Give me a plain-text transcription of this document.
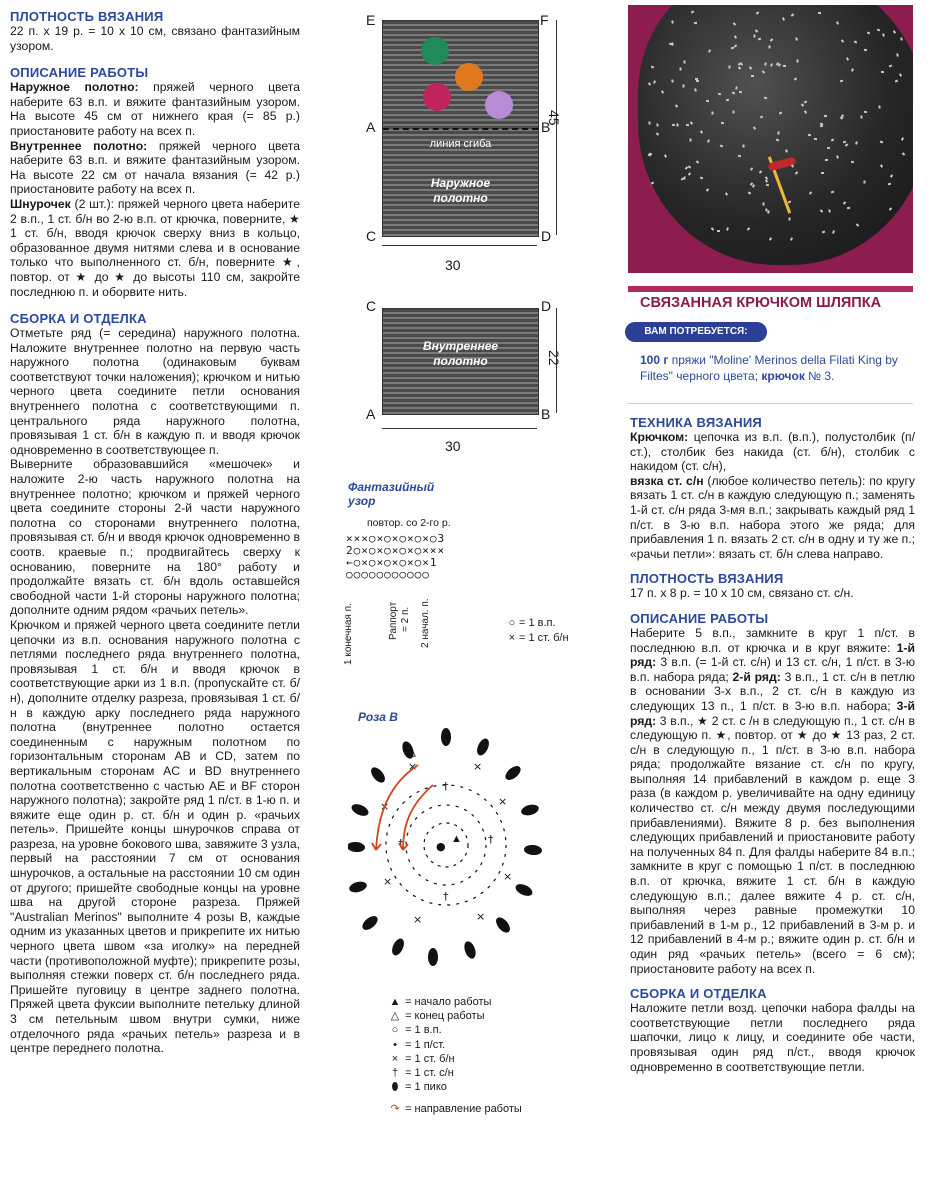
ПЛОТНОСТЬ ВЯЗАНИЯ

22 п. х 19 р. = 10 х 10 см, связано фантазийным узором.

ОПИСАНИЕ РАБОТЫ

Наружное полотно: пряжей черного цвета наберите 63 в.п. и вяжите фантазийным узором. На высоте 45 см от нижнего края (= 85 р.) приостановите работу на всех п.

Внутреннее полотно: пряжей черного цвета наберите 63 в.п. и вяжите фантазийным узором. На высоте 22 см от начала вязания (= 42 р.) приостановите работу на всех п.

Шнурочек (2 шт.): пряжей черного цвета наберите 2 в.п., 1 ст. б/н во 2-ю в.п. от крючка, поверните, ★ 1 ст. б/н, вводя крючок сверху вниз в кольцо, образованное двумя нитями слева и в основание только что выполненного ст. б/н, поверните ★, повтор. от ★ до ★ до высоты 110 см, закройте последнюю п. и оборвите нить.

СБОРКА И ОТДЕЛКА

Отметьте ряд (= середина) наружного полотна. Наложите внутреннее полотно на первую часть наружного полотна (одинаковым буквам соответствуют точки наложения); крючком и нитью черного цвета соедините петли основания внутреннего полотна с соответствующими п. центрального ряда наружного полотна, провязывая 1 ст. б/н в каждую п. и вводя крючок одновременно в соответствующее п.

Выверните образовавшийся «мешочек» и наложите 2-ю часть наружного полотна на внутреннее полотно; крючком и пряжей черного цвета соедините стороны 2-й части наружного полотна со сторонами внутреннего полотна, провязывая ст. б/н и вводя крючок одновременно в соотв. краевые п.; продвигайтесь сверху к основанию, поверните на 180° работу и продолжайте вязать ст. б/н вдоль оставшейся свободной части 1-й стороны наружного полотна; дополните одним рядом «рачьих петель».

Крючком и пряжей черного цвета соедините петли цепочки из в.п. основания наружного полотна с петлями последнего ряда внутреннего полотна, провязывая 1 ст. б/н и вводя крючок в соответствующие арки из 1 в.п. (пропускайте ст. б/н), дополните отделку разреза, провязывая 1 ст. б/н в каждую арку последнего ряда наружного полотна (внутреннее полотно остается соединенным с наружным полотном по горизонтальным сторонам AB и CD, затем по вертикальным сторонам AC и BD внутреннего полотна соответственно с частью AE и BF сторон наружного полотна); закройте ряд 1 п/ст. в 1-ю п. и вяжите еще один р. ст. б/н и один р. «рачьих петель». Пришейте концы шнурочков справа от разреза, на уровне бокового шва, завяжите 3 узла, первый на расстоянии 7 см от основания шнурочков, а остальные на расстоянии 10 см один от другого; пришейте свободные концы на уровне шва на другой стороне разреза. Пряжей "Australian Merinos" выполните 4 розы B, каждые одним из указанных цветов и прикрепите их нитью черного цвета швом «за иголку» на передней части (противоположной муфте); прикрепите розы, выполняя стежки поверх ст. б/н последнего ряда. Пришейте пуговицу в центре заднего полотна. Пряжей цвета фуксии выполните петельку длиной 3 см петельным швом внутри сумки, ниже отделочного ряда «рачьих петель» разреза и в центре переднего полотна.

линия сгиба
Наружное
полотно
E	F
A	B
C	D
45
30
Внутреннее
полотно
C	D
A	B
22
30
Фантазийный
узор
повтор. со 2-го р.
×××○×○×○×○×○3
2○×○×○×○×○×××
←○×○×○×○×○×1
○○○○○○○○○○○
1 конечная п.	Раппорт = 2 п. 2 начал. п.	○ = 1 в.п.
× = 1 ст. б/н
Роза B
×	×
×
×
×
×
×
×
†
†
†
†	●
△
▲
▲ = начало работы
△ = конец работы
○ = 1 в.п.
• = 1 п/ст.
× = 1 ст. б/н
† = 1 ст. с/н
⬮ = 1 пико
↷ = направление работы
СВЯЗАННАЯ КРЮЧКОМ ШЛЯПКА
ВАМ ПОТРЕБУЕТСЯ:
100 г пряжи "Moline' Merinos della Filati King by Filtes" черного цвета; крючок № 3.

ТЕХНИКА ВЯЗАНИЯ

Крючком: цепочка из в.п. (в.п.), полустолбик (п/ст.), столбик без накида (ст. б/н), столбик с накидом (ст. с/н),

вязка ст. с/н (любое количество петель): по кругу вязать 1 ст. с/н в каждую следующую п.; заменять 1-й ст. с/н ряда 3-мя в.п.; закрывать каждый ряд 1 п/ст. в 3-ю в.п. набора этого же ряда; для прибавления 1 п. вязать 2 ст. с/н в одну и ту же п.; «рачьи петли»: вязать ст. б/н слева направо.

ПЛОТНОСТЬ ВЯЗАНИЯ

17 п. х 8 р. = 10 х 10 см, связано ст. с/н.

ОПИСАНИЕ РАБОТЫ

Наберите 5 в.п., замкните в круг 1 п/ст. в последнюю в.п. от крючка и в круг вяжите: 1-й ряд: 3 в.п. (= 1-й ст. с/н) и 13 ст. с/н, 1 п/ст. в 3-ю в.п. набора ряда; 2-й ряд: 3 в.п., 1 ст. с/н в петлю в основании 3-х в.п., 2 ст. с/н в каждую из следующих 13 п., 1 п/ст. в 3-ю в.п. набора; 3-й ряд: 3 в.п., ★ 2 ст. с /н в следующую п., 1 ст. с/н в следующую п. ★, повтор. от ★ до ★ 13 раз, 2 ст. с/н в следующую п., 1 п/ст. в 3-ю в.п. набора ряда; продолжайте вязание ст. с/н по кругу, выполняя 14 прибавлений в каждом р. еще 3 раза (в каждом р. увеличивайте на одну единицу количество ст. с/н между двумя последующими прибавлениями). Вяжите 8 р. без выполнения следующих прибавлений и приостановите работу на полученных 84 п. Для фалды наберите 84 в.п.; замкните в круг с помощью 1 п/ст. в последнюю в.п. от крючка, вяжите 1 ст. б/н в каждую следующую в.п.; далее вяжите 4 р. ст. с/н, выполняя через равные промежутки 10 прибавлений в 1-м р., 12 прибавлений в 3-м р. и 12 прибавлений в 4-м р.; вяжите один р. ст. б/н и один ряд «рачьих петель» (всего = 6 см); приостановите работу на всех п.

СБОРКА И ОТДЕЛКА

Наложите петли возд. цепочки набора фалды на соответствующие петли последнего ряда шапочки, лицо к лицу, и соедините обе части, провязывая один ряд п/ст., вводя крючок одновременно в соответствующие петли.
